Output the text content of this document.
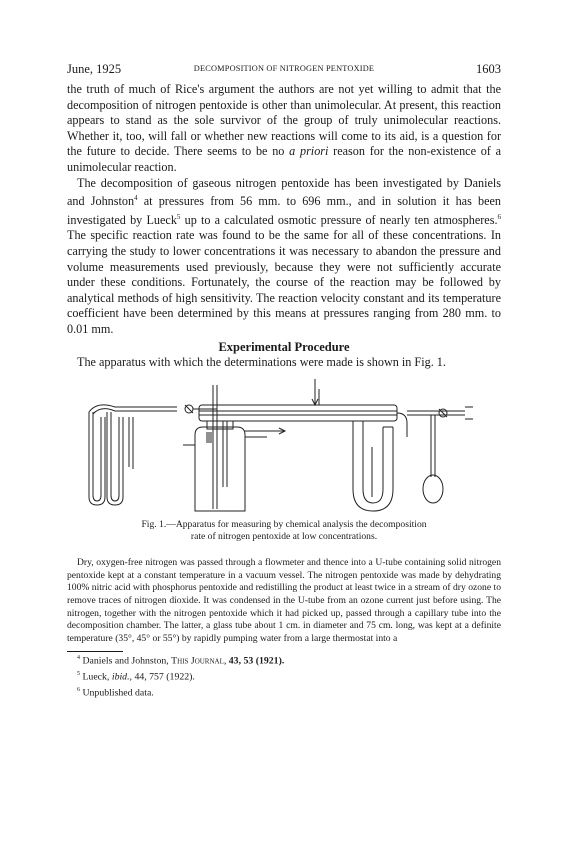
June, 1925	DECOMPOSITION OF NITROGEN PENTOXIDE	1603

the truth of much of Rice's argument the authors are not yet willing to admit that the decomposition of nitrogen pentoxide is other than unimolecular. At present, this reaction appears to stand as the sole survivor of the group of truly unimolecular reactions. Whether it, too, will fall or whether new reactions will come to its aid, is a question for the future to decide. There seems to be no a priori reason for the non-existence of a unimolecular reaction.

The decomposition of gaseous nitrogen pentoxide has been investigated by Daniels and Johnston$^4$ at pressures from 56 mm. to 696 mm., and in solution it has been investigated by Lueck$^5$ up to a calculated osmotic pressure of nearly ten atmospheres.$^6$ The specific reaction rate was found to be the same for all of these concentrations. In carrying the study to lower concentrations it was necessary to abandon the pressure and volume measurements used previously, because they were not sufficiently accurate under these conditions. Fortunately, the course of the reaction may be followed by analytical methods of high sensitivity. The reaction velocity constant and its temperature coefficient have been determined by this means at pressures ranging from 280 mm. to 0.01 mm.

Experimental Procedure

The apparatus with which the determinations were made is shown in Fig. 1.

Fig. 1.—Apparatus for measuring by chemical analysis the decomposition
rate of nitrogen pentoxide at low concentrations.

Dry, oxygen-free nitrogen was passed through a flowmeter and thence into a U-tube containing solid nitrogen pentoxide kept at a constant temperature in a vacuum vessel. The nitrogen pentoxide was made by dehydrating 100% nitric acid with phosphorus pentoxide and redistilling the product at least twice in a stream of dry ozone to remove traces of nitrogen dioxide. It was condensed in the U-tube from an ozone current just before using. The nitrogen, together with the nitrogen pentoxide which it had picked up, passed through a capillary tube into the decomposition chamber. The latter, a glass tube about 1 cm. in diameter and 75 cm. long, was kept at a definite temperature (35°, 45° or 55°) by rapidly pumping water from a large thermostat into a

$^4$ Daniels and Johnston, This Journal, 43, 53 (1921).
$^5$ Lueck, ibid., 44, 757 (1922).
$^6$ Unpublished data.
